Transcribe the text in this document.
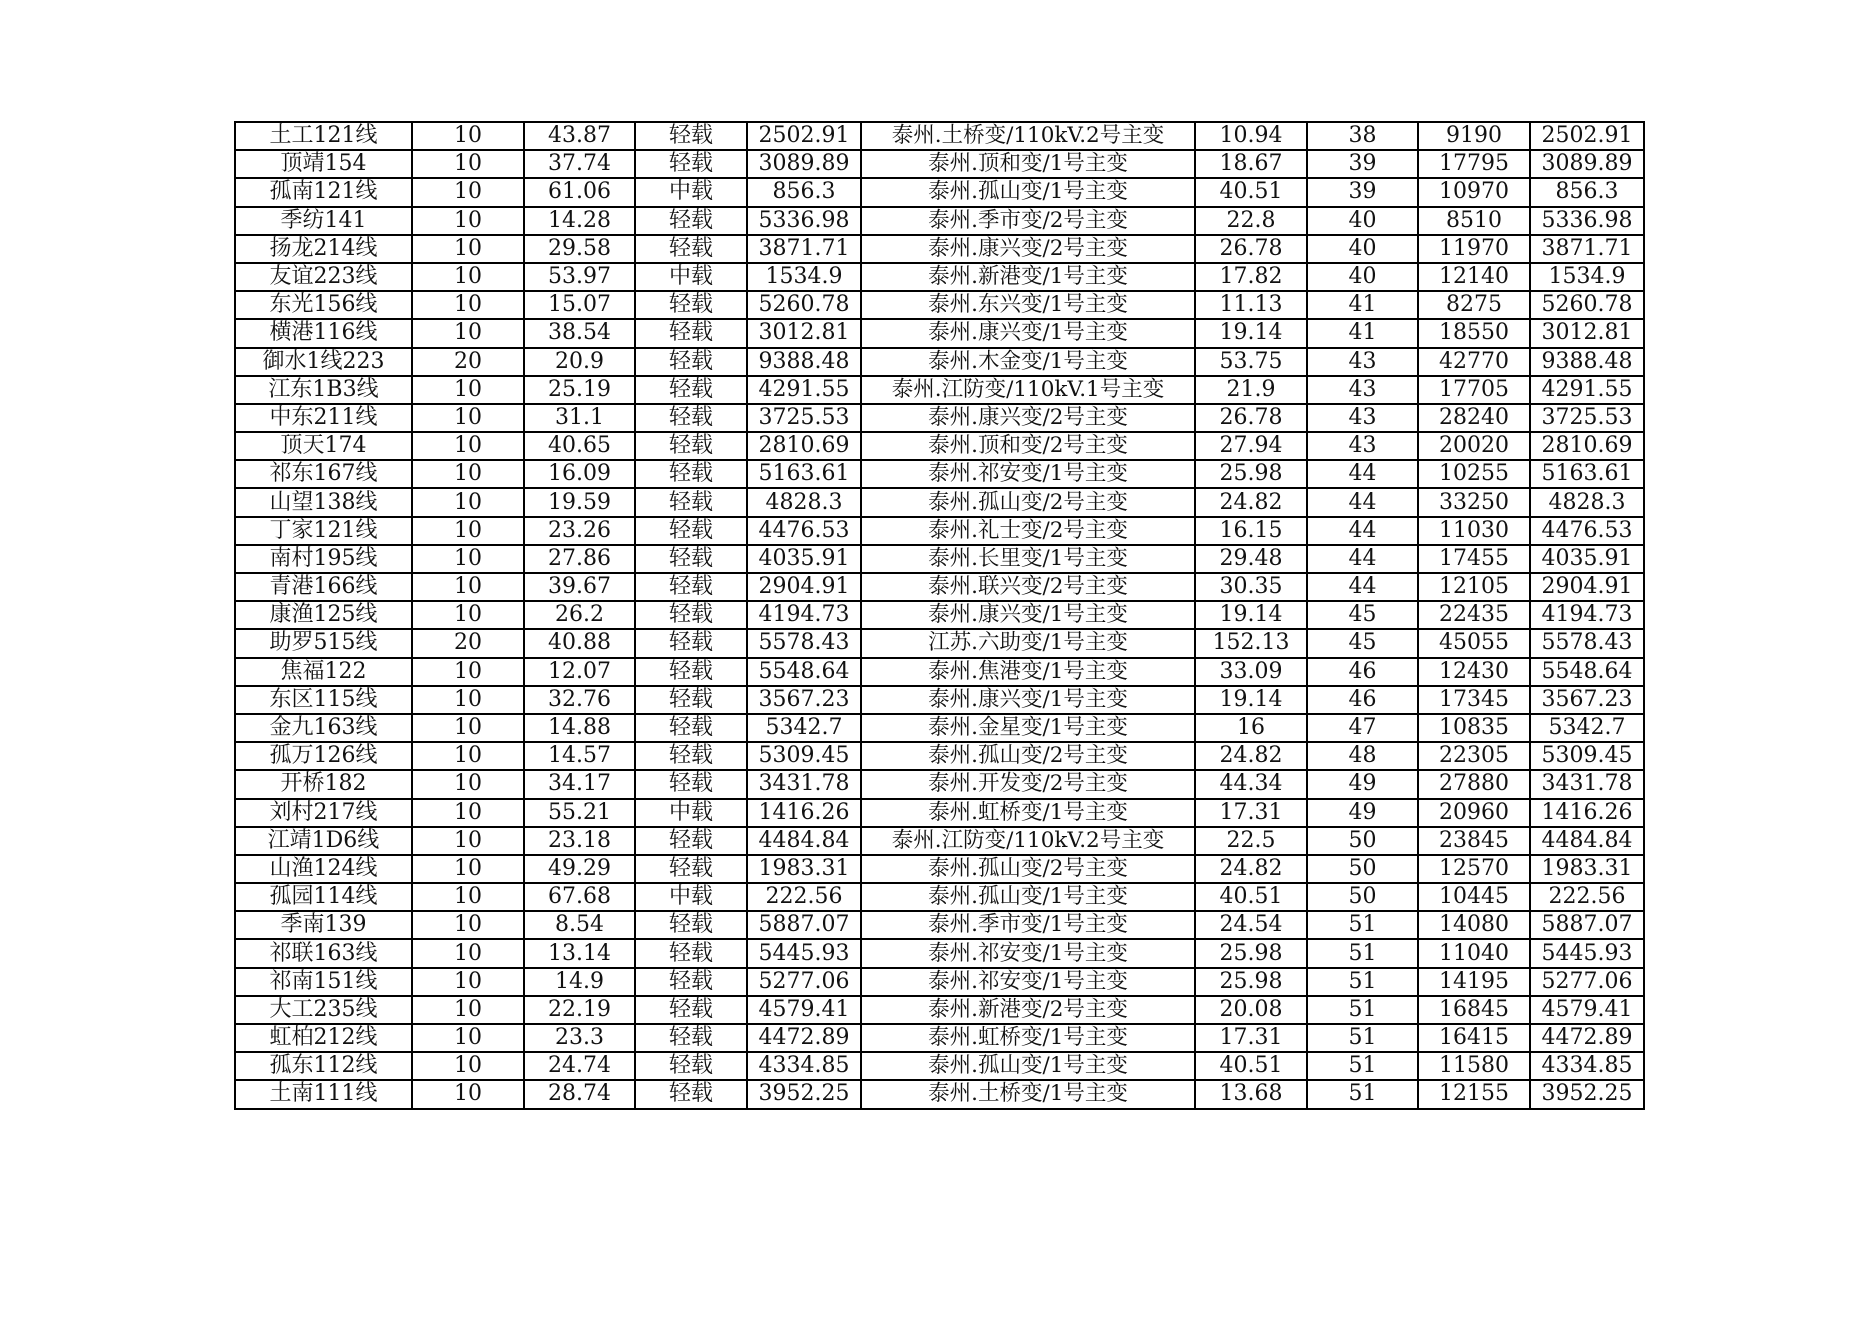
土工121线	10	43.87	轻载	2502.91	泰州.土桥变/110kV.2号主变	10.94	38	9190	2502.91
顶靖154	10	37.74	轻载	3089.89	泰州.顶和变/1号主变	18.67	39	17795	3089.89
孤南121线	10	61.06	中载	856.3	泰州.孤山变/1号主变	40.51	39	10970	856.3
季纺141	10	14.28	轻载	5336.98	泰州.季市变/2号主变	22.8	40	8510	5336.98
扬龙214线	10	29.58	轻载	3871.71	泰州.康兴变/2号主变	26.78	40	11970	3871.71
友谊223线	10	53.97	中载	1534.9	泰州.新港变/1号主变	17.82	40	12140	1534.9
东光156线	10	15.07	轻载	5260.78	泰州.东兴变/1号主变	11.13	41	8275	5260.78
横港116线	10	38.54	轻载	3012.81	泰州.康兴变/1号主变	19.14	41	18550	3012.81
御水1线223	20	20.9	轻载	9388.48	泰州.木金变/1号主变	53.75	43	42770	9388.48
江东1B3线	10	25.19	轻载	4291.55	泰州.江防变/110kV.1号主变	21.9	43	17705	4291.55
中东211线	10	31.1	轻载	3725.53	泰州.康兴变/2号主变	26.78	43	28240	3725.53
顶天174	10	40.65	轻载	2810.69	泰州.顶和变/2号主变	27.94	43	20020	2810.69
祁东167线	10	16.09	轻载	5163.61	泰州.祁安变/1号主变	25.98	44	10255	5163.61
山望138线	10	19.59	轻载	4828.3	泰州.孤山变/2号主变	24.82	44	33250	4828.3
丁家121线	10	23.26	轻载	4476.53	泰州.礼士变/2号主变	16.15	44	11030	4476.53
南村195线	10	27.86	轻载	4035.91	泰州.长里变/1号主变	29.48	44	17455	4035.91
青港166线	10	39.67	轻载	2904.91	泰州.联兴变/2号主变	30.35	44	12105	2904.91
康渔125线	10	26.2	轻载	4194.73	泰州.康兴变/1号主变	19.14	45	22435	4194.73
助罗515线	20	40.88	轻载	5578.43	江苏.六助变/1号主变	152.13	45	45055	5578.43
焦福122	10	12.07	轻载	5548.64	泰州.焦港变/1号主变	33.09	46	12430	5548.64
东区115线	10	32.76	轻载	3567.23	泰州.康兴变/1号主变	19.14	46	17345	3567.23
金九163线	10	14.88	轻载	5342.7	泰州.金星变/1号主变	16	47	10835	5342.7
孤万126线	10	14.57	轻载	5309.45	泰州.孤山变/2号主变	24.82	48	22305	5309.45
开桥182	10	34.17	轻载	3431.78	泰州.开发变/2号主变	44.34	49	27880	3431.78
刘村217线	10	55.21	中载	1416.26	泰州.虹桥变/1号主变	17.31	49	20960	1416.26
江靖1D6线	10	23.18	轻载	4484.84	泰州.江防变/110kV.2号主变	22.5	50	23845	4484.84
山渔124线	10	49.29	轻载	1983.31	泰州.孤山变/2号主变	24.82	50	12570	1983.31
孤园114线	10	67.68	中载	222.56	泰州.孤山变/1号主变	40.51	50	10445	222.56
季南139	10	8.54	轻载	5887.07	泰州.季市变/1号主变	24.54	51	14080	5887.07
祁联163线	10	13.14	轻载	5445.93	泰州.祁安变/1号主变	25.98	51	11040	5445.93
祁南151线	10	14.9	轻载	5277.06	泰州.祁安变/1号主变	25.98	51	14195	5277.06
大工235线	10	22.19	轻载	4579.41	泰州.新港变/2号主变	20.08	51	16845	4579.41
虹柏212线	10	23.3	轻载	4472.89	泰州.虹桥变/1号主变	17.31	51	16415	4472.89
孤东112线	10	24.74	轻载	4334.85	泰州.孤山变/1号主变	40.51	51	11580	4334.85
土南111线	10	28.74	轻载	3952.25	泰州.土桥变/1号主变	13.68	51	12155	3952.25
